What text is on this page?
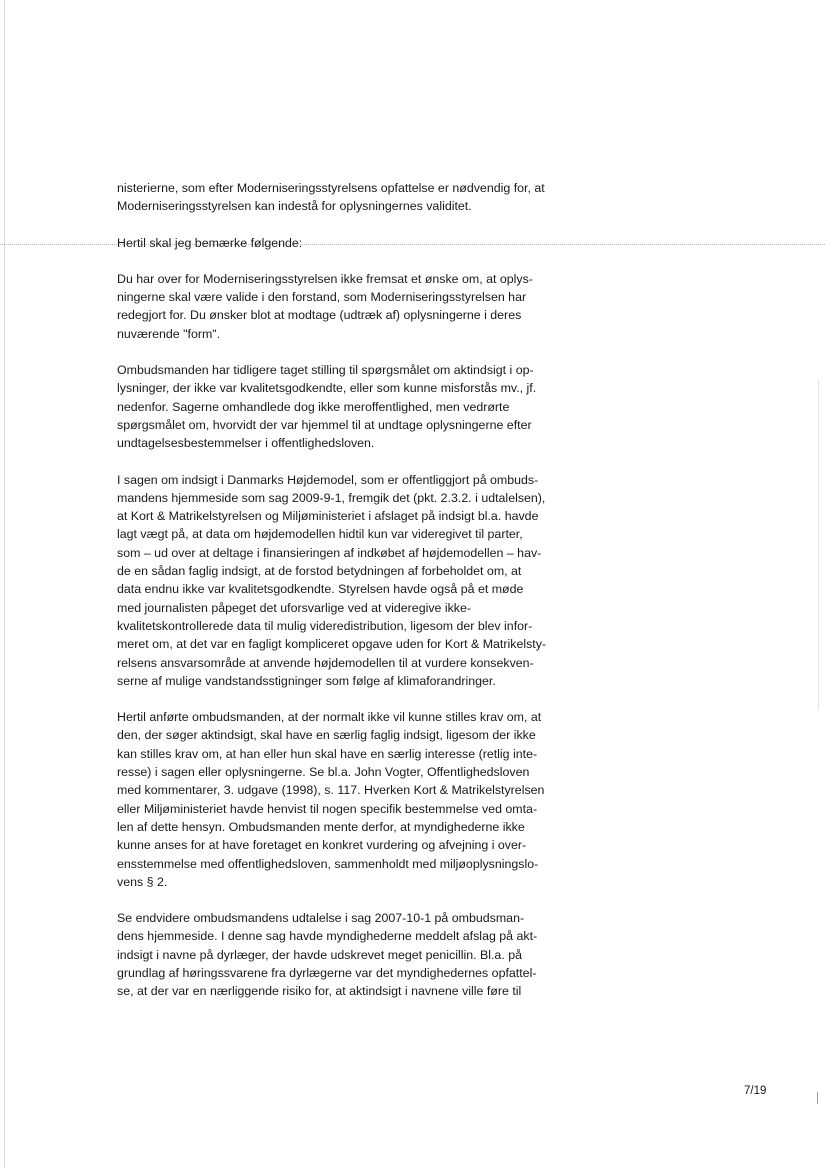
nisterierne, som efter Moderniseringsstyrelsens opfattelse er nødvendig for, at
Moderniseringsstyrelsen kan indestå for oplysningernes validitet.

Hertil skal jeg bemærke følgende:

Du har over for Moderniseringsstyrelsen ikke fremsat et ønske om, at oplys-
ningerne skal være valide i den forstand, som Moderniseringsstyrelsen har
redegjort for. Du ønsker blot at modtage (udtræk af) oplysningerne i deres
nuværende "form".

Ombudsmanden har tidligere taget stilling til spørgsmålet om aktindsigt i op-
lysninger, der ikke var kvalitetsgodkendte, eller som kunne misforstås mv., jf.
nedenfor. Sagerne omhandlede dog ikke meroffentlighed, men vedrørte
spørgsmålet om, hvorvidt der var hjemmel til at undtage oplysningerne efter
undtagelsesbestemmelser i offentlighedsloven.

I sagen om indsigt i Danmarks Højdemodel, som er offentliggjort på ombuds-
mandens hjemmeside som sag 2009-9-1, fremgik det (pkt. 2.3.2. i udtalelsen),
at Kort & Matrikelstyrelsen og Miljøministeriet i afslaget på indsigt bl.a. havde
lagt vægt på, at data om højdemodellen hidtil kun var videregivet til parter,
som – ud over at deltage i finansieringen af indkøbet af højdemodellen – hav-
de en sådan faglig indsigt, at de forstod betydningen af forbeholdet om, at
data endnu ikke var kvalitetsgodkendte. Styrelsen havde også på et møde
med journalisten påpeget det uforsvarlige ved at videregive ikke-
kvalitetskontrollerede data til mulig videredistribution, ligesom der blev infor-
meret om, at det var en fagligt kompliceret opgave uden for Kort & Matrikelsty-
relsens ansvarsområde at anvende højdemodellen til at vurdere konsekven-
serne af mulige vandstandsstigninger som følge af klimaforandringer.

Hertil anførte ombudsmanden, at der normalt ikke vil kunne stilles krav om, at
den, der søger aktindsigt, skal have en særlig faglig indsigt, ligesom der ikke
kan stilles krav om, at han eller hun skal have en særlig interesse (retlig inte-
resse) i sagen eller oplysningerne. Se bl.a. John Vogter, Offentlighedsloven
med kommentarer, 3. udgave (1998), s. 117. Hverken Kort & Matrikelstyrelsen
eller Miljøministeriet havde henvist til nogen specifik bestemmelse ved omta-
len af dette hensyn. Ombudsmanden mente derfor, at myndighederne ikke
kunne anses for at have foretaget en konkret vurdering og afvejning i over-
ensstemmelse med offentlighedsloven, sammenholdt med miljøoplysningslo-
vens § 2.

Se endvidere ombudsmandens udtalelse i sag 2007-10-1 på ombudsman-
dens hjemmeside. I denne sag havde myndighederne meddelt afslag på akt-
indsigt i navne på dyrlæger, der havde udskrevet meget penicillin. Bl.a. på
grundlag af høringssvarene fra dyrlægerne var det myndighedernes opfattel-
se, at der var en nærliggende risiko for, at aktindsigt i navnene ville føre til

7/19
